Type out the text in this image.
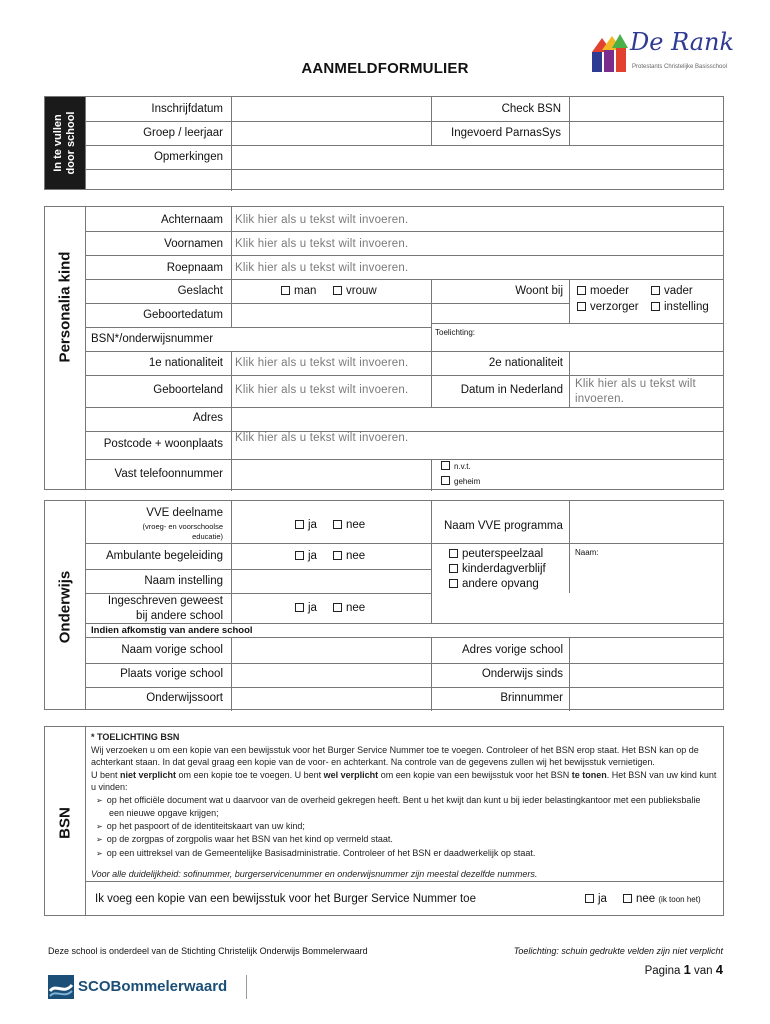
De Rank
Protestants Christelijke Basisschool
AANMELDFORMULIER
In te vullen door school
Inschrijfdatum	Check BSN
Groep / leerjaar	Ingevoerd ParnasSys
Opmerkingen
Personalia kind
Achternaam Klik hier als u tekst wilt invoeren.
Voornamen Klik hier als u tekst wilt invoeren.
Roepnaam Klik hier als u tekst wilt invoeren.
Geslacht	man	vrouw	Woont bij	moeder	vader
verzorger	instelling
Geboortedatum
Toelichting:
BSN*/onderwijsnummer
1e nationaliteit Klik hier als u tekst wilt invoeren.	2e nationaliteit
Geboorteland Klik hier als u tekst wilt invoeren.	Datum in Nederland Klik hier als u tekst wilt
invoeren.
Adres
Postcode + woonplaats Klik hier als u tekst wilt invoeren.
Vast telefoonnummer
n.v.t.
geheim
Onderwijs
VVE deelname
(vroeg- en voorschoolse
educatie)
ja	nee	Naam VVE programma
Ambulante begeleiding	ja	nee	peuterspeelzaal
kinderdagverblijf
andere opvang
Naam:
Naam instelling
Ingeschreven geweest
bij andere school
ja	nee
Indien afkomstig van andere school
Naam vorige school	Adres vorige school
Plaats vorige school	Onderwijs sinds
Onderwijssoort	Brinnummer
BSN
* TOELICHTING BSN
Wij verzoeken u om een kopie van een bewijsstuk voor het Burger Service Nummer toe te voegen. Controleer of het BSN erop staat. Het BSN kan op de achterkant staan. In dat geval graag een kopie van de voor- en achterkant. Na controle van de gegevens zullen wij het bewijsstuk vernietigen.
U bent niet verplicht om een kopie toe te voegen. U bent wel verplicht om een kopie van een bewijsstuk voor het BSN te tonen. Het BSN van uw kind kunt u vinden:
➢ op het officiële document wat u daarvoor van de overheid gekregen heeft. Bent u het kwijt dan kunt u bij ieder belastingkantoor met een publieksbalie een nieuwe opgave krijgen;
➢ op het paspoort of de identiteitskaart van uw kind;
➢ op de zorgpas of zorgpolis waar het BSN van het kind op vermeld staat.
➢ op een uittreksel van de Gemeentelijke Basisadministratie. Controleer of het BSN er daadwerkelijk op staat.
Voor alle duidelijkheid: sofinummer, burgerservicenummer en onderwijsnummer zijn meestal dezelfde nummers.
Ik voeg een kopie van een bewijsstuk voor het Burger Service Nummer toe	ja	nee (ik toon het)
Deze school is onderdeel van de Stichting Christelijk Onderwijs Bommelerwaard	Toelichting: schuin gedrukte velden zijn niet verplicht
Pagina 1 van 4
SCOBommelerwaard
